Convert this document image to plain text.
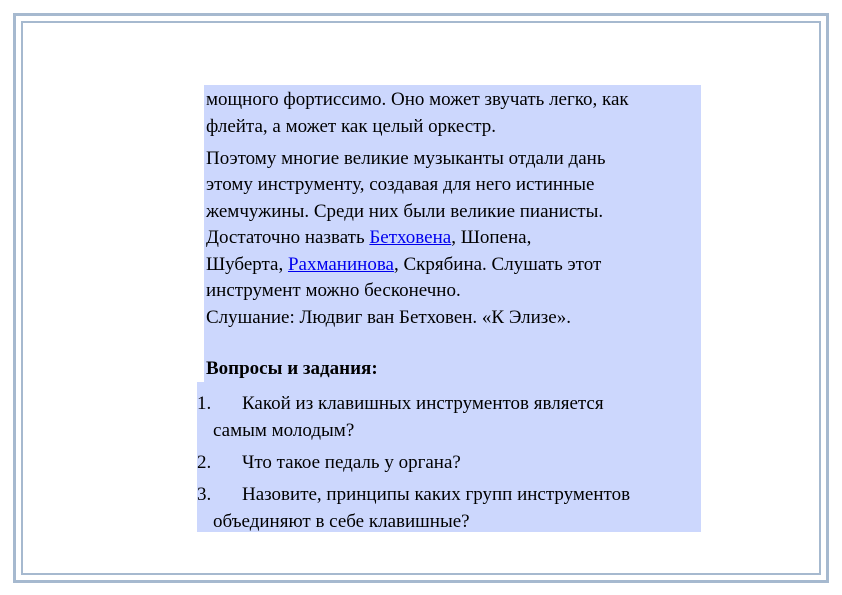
мощного фортиссимо. Оно может звучать легко, как
флейта, а может как целый оркестр.
Поэтому многие великие музыканты отдали дань
этому инструменту, создавая для него истинные
жемчужины. Среди них были великие пианисты.
Достаточно назвать Бетховена, Шопена,
Шуберта, Рахманинова, Скрябина. Слушать этот
инструмент можно бесконечно.
Слушание: Людвиг ван Бетховен. «К Элизе».
Вопросы и задания:
1. Какой из клавишных инструментов является
самым молодым?
2. Что такое педаль у органа?
3. Назовите, принципы каких групп инструментов
объединяют в себе клавишные?
